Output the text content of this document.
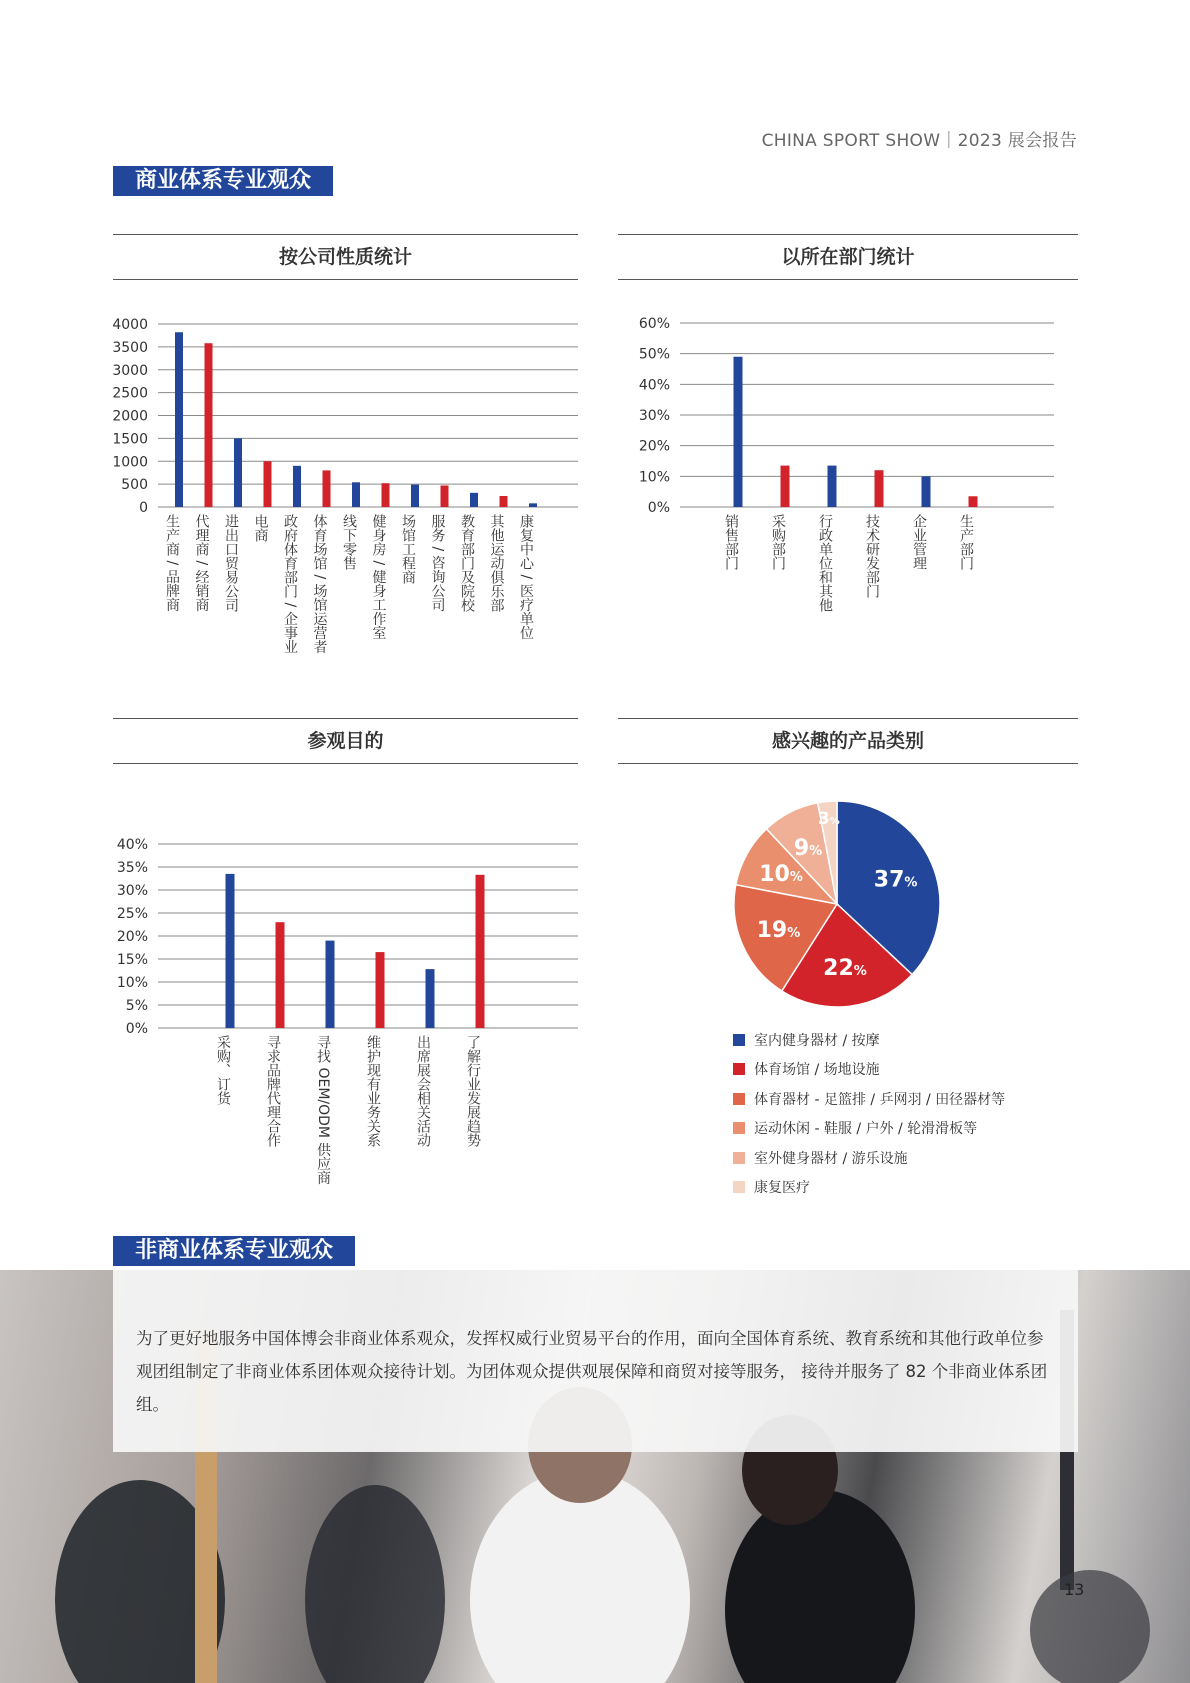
CHINA SPORT SHOW｜2023 展会报告
商业体系专业观众
按公司性质统计
0
500
1000
1500
2000
2500
3000
3500
4000
生产商 / 品牌商 代理商 / 经销商 进出口贸易公司 电商 政府体育部门 / 企事业 体育场馆 / 场馆运营者 线下零售 健身房 / 健身工作室 场馆工程商 服务 / 咨询公司 教育部门及院校 其他运动俱乐部 康复中心 / 医疗单位
以所在部门统计
0%
10%
20%
30%
40%
50%
60%
销售部门 采购部门 行政单位和其他 技术研发部门 企业管理 生产部门
参观目的
0%
5%
10%
15%
20%
25%
30%
35%
40%
采购、订货 寻求品牌代理合作 寻找 OEM/ODM 供应商 维护现有业务关系 出席展会相关活动 了解行业发展趋势
感兴趣的产品类别
37%
22%
19%
10%
9%
3%
室内健身器材 / 按摩
体育场馆 / 场地设施
体育器材 - 足篮排 / 乒网羽 / 田径器材等
运动休闲 - 鞋服 / 户外 / 轮滑滑板等
室外健身器材 / 游乐设施
康复医疗
非商业体系专业观众
为了更好地服务中国体博会非商业体系观众，发挥权威行业贸易平台的作用，面向全国体育系统、教育系统和其他行政单位参观团组制定了非商业体系团体观众接待计划。为团体观众提供观展保障和商贸对接等服务， 接待并服务了 82 个非商业体系团组。
13
